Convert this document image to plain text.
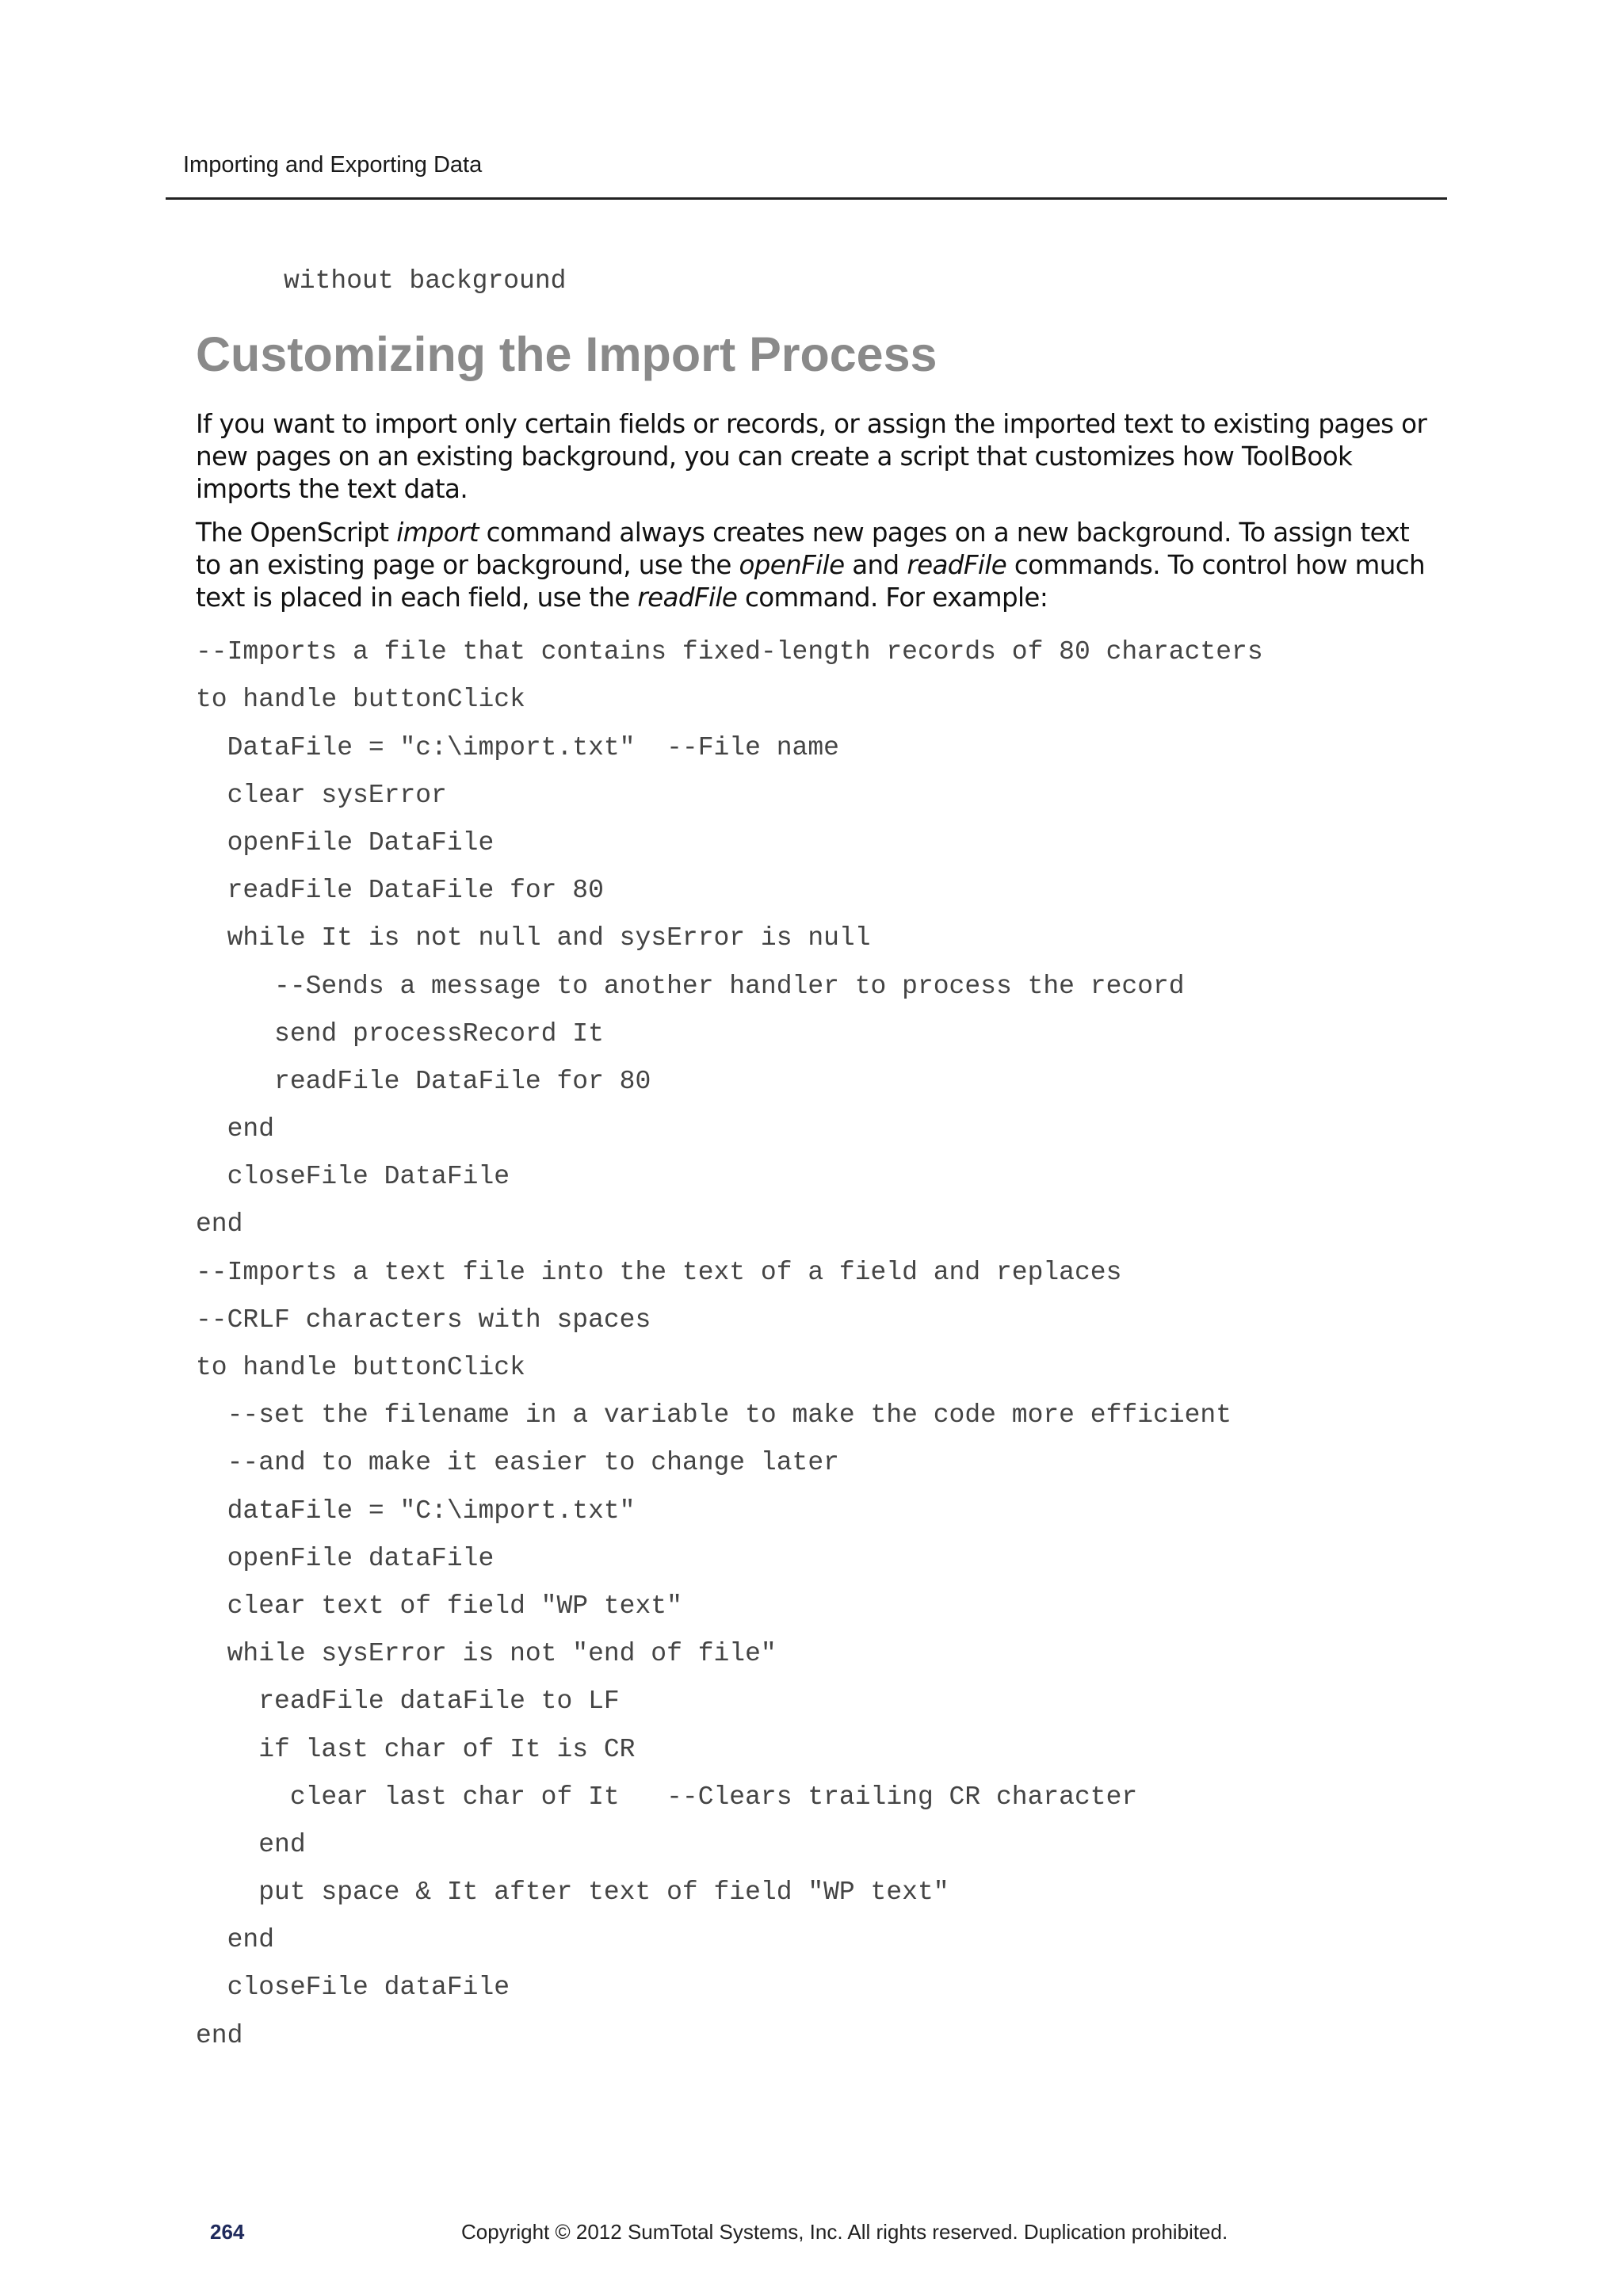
Importing and Exporting Data
without background
Customizing the Import Process

If you want to import only certain fields or records, or assign the imported text to existing pages or new pages on an existing background, you can create a script that customizes how ToolBook imports the text data.

The OpenScript import command always creates new pages on a new background. To assign text to an existing page or background, use the openFile and readFile commands. To control how much text is placed in each field, use the readFile command. For example:

--Imports a file that contains fixed-length records of 80 characters
to handle buttonClick
DataFile = "c:\import.txt"  --File name
clear sysError
openFile DataFile
readFile DataFile for 80
while It is not null and sysError is null
--Sends a message to another handler to process the record
send processRecord It
readFile DataFile for 80
end
closeFile DataFile
end
--Imports a text file into the text of a field and replaces
--CRLF characters with spaces
to handle buttonClick
--set the filename in a variable to make the code more efficient
--and to make it easier to change later
dataFile = "C:\import.txt"
openFile dataFile
clear text of field "WP text"
while sysError is not "end of file"
readFile dataFile to LF
if last char of It is CR
clear last char of It   --Clears trailing CR character
end
put space & It after text of field "WP text"
end
closeFile dataFile
end
264	Copyright © 2012 SumTotal Systems, Inc. All rights reserved. Duplication prohibited.
